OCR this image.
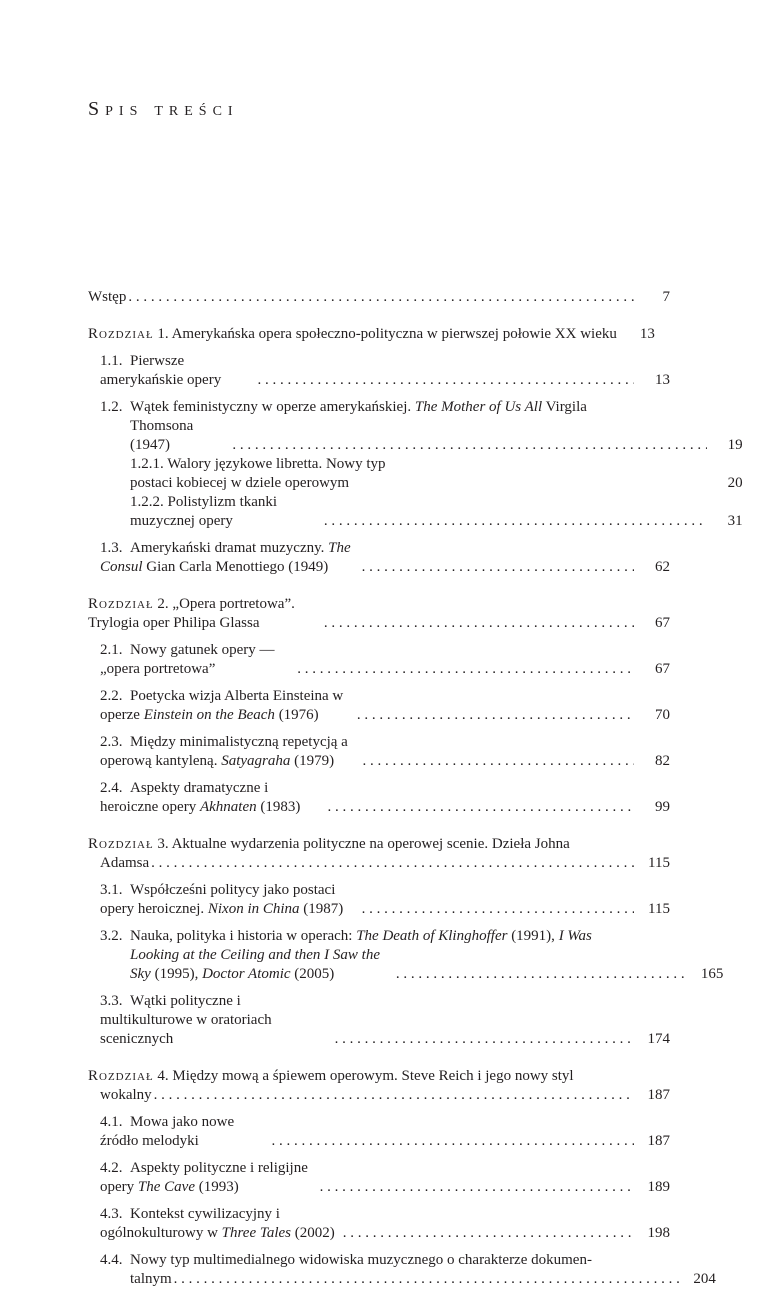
Spis treści
Wstęp . . .	7
Rozdział 1. Amerykańska opera społeczno-polityczna w pierwszej połowie XX wieku	13
1.1. Pierwsze amerykańskie opery . . .	13
1.2. Wątek feministyczny w operze amerykańskiej. The Mother of Us All Virgila
Thomsona (1947) . . .	19
1.2.1. Walory językowe libretta. Nowy typ postaci kobiecej w dziele operowym	20
1.2.2. Polistylizm tkanki muzycznej opery . . .	31
1.3. Amerykański dramat muzyczny. The Consul Gian Carla Menottiego (1949) . . .	62
Rozdział 2. „Opera portretowa”. Trylogia oper Philipa Glassa . . .	67
2.1. Nowy gatunek opery — „opera portretowa” . . .	67
2.2. Poetycka wizja Alberta Einsteina w operze Einstein on the Beach (1976) . . .	70
2.3. Między minimalistyczną repetycją a operową kantyleną. Satyagraha (1979) . . .	82
2.4. Aspekty dramatyczne i heroiczne opery Akhnaten (1983) . . .	99
Rozdział 3. Aktualne wydarzenia polityczne na operowej scenie. Dzieła Johna
Adamsa . . .	115
3.1. Współcześni politycy jako postaci opery heroicznej. Nixon in China (1987) . . .	115
3.2. Nauka, polityka i historia w operach: The Death of Klinghoffer (1991), I Was
Looking at the Ceiling and then I Saw the Sky (1995), Doctor Atomic (2005) . . .	165
3.3. Wątki polityczne i multikulturowe w oratoriach scenicznych . . .	174
Rozdział 4. Między mową a śpiewem operowym. Steve Reich i jego nowy styl
wokalny . . .	187
4.1. Mowa jako nowe źródło melodyki . . .	187
4.2. Aspekty polityczne i religijne opery The Cave (1993) . . .	189
4.3. Kontekst cywilizacyjny i ogólnokulturowy w Three Tales (2002) . . .	198
4.4. Nowy typ multimedialnego widowiska muzycznego o charakterze dokumen-
talnym . . .	204
